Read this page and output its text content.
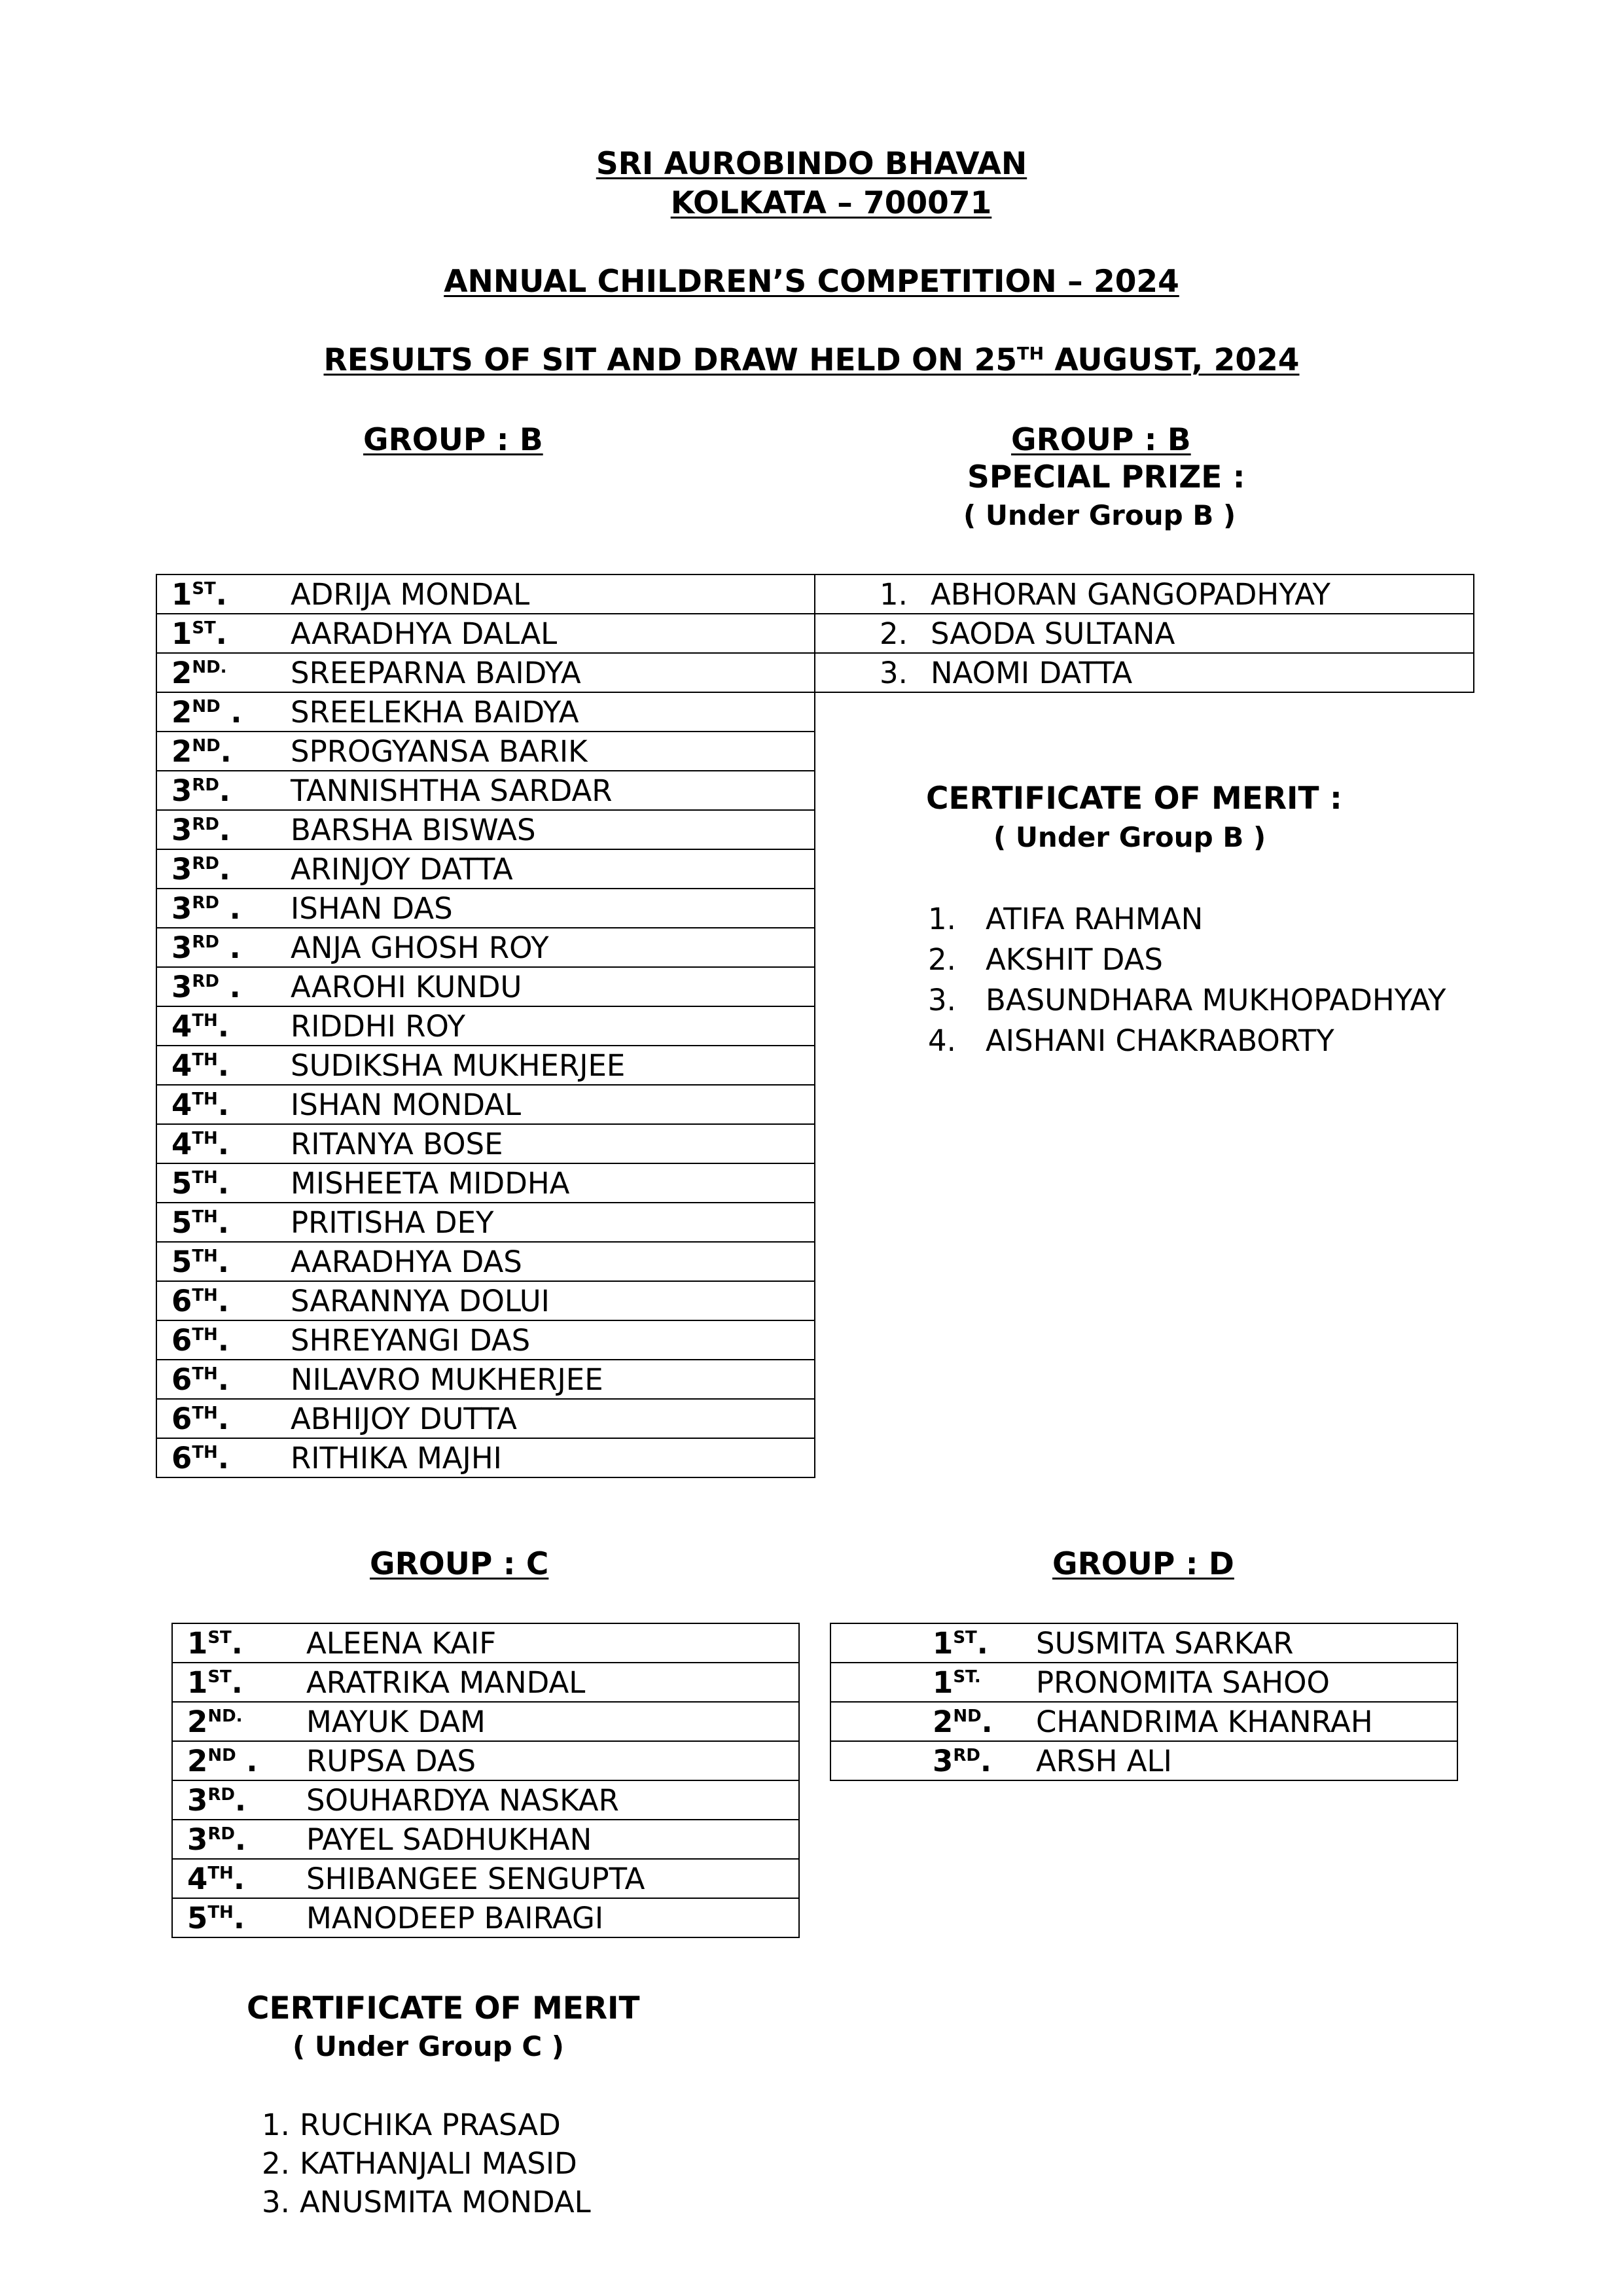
SRI AUROBINDO BHAVAN
KOLKATA – 700071
ANNUAL CHILDREN’S COMPETITION – 2024
RESULTS OF SIT AND DRAW HELD ON 25TH AUGUST, 2024
GROUP : B	GROUP : B
SPECIAL PRIZE :
( Under Group B )
1ST. ADRIJA MONDAL
1ST. AARADHYA DALAL
$2^{ND.}$ SREEPARNA BAIDYA
2ND . SREELEKHA BAIDYA
2ND. SPROGYANSA BARIK
3RD. TANNISHTHA SARDAR
3RD. BARSHA BISWAS
3RD. ARINJOY DATTA
3RD . ISHAN DAS
3RD . ANJA GHOSH ROY
3RD . AAROHI KUNDU
4TH. RIDDHI ROY
4TH. SUDIKSHA MUKHERJEE
4TH. ISHAN MONDAL
4TH. RITANYA BOSE
5TH. MISHEETA MIDDHA
5TH. PRITISHA DEY
5TH. AARADHYA DAS
6TH. SARANNYA DOLUI
6TH. SHREYANGI DAS
6TH. NILAVRO MUKHERJEE
6TH. ABHIJOY DUTTA
6TH. RITHIKA MAJHI
1. ABHORAN GANGOPADHYAY
2. SAODA SULTANA
3. NAOMI DATTA
CERTIFICATE OF MERIT :
( Under Group B )
1. ATIFA RAHMAN
2. AKSHIT DAS
3. BASUNDHARA MUKHOPADHYAY
4. AISHANI CHAKRABORTY
GROUP : C	GROUP : D
1ST. ALEENA KAIF
1ST. ARATRIKA MANDAL
$2^{ND.}$ MAYUK DAM
2ND . RUPSA DAS
3RD. SOUHARDYA NASKAR
3RD. PAYEL SADHUKHAN
4TH. SHIBANGEE SENGUPTA
5TH. MANODEEP BAIRAGI
1ST. SUSMITA SARKAR
$1^{ST.}$ PRONOMITA SAHOO
2ND. CHANDRIMA KHANRAH
3RD. ARSH ALI
CERTIFICATE OF MERIT
( Under Group C )
1. RUCHIKA PRASAD
2. KATHANJALI MASID
3. ANUSMITA MONDAL
